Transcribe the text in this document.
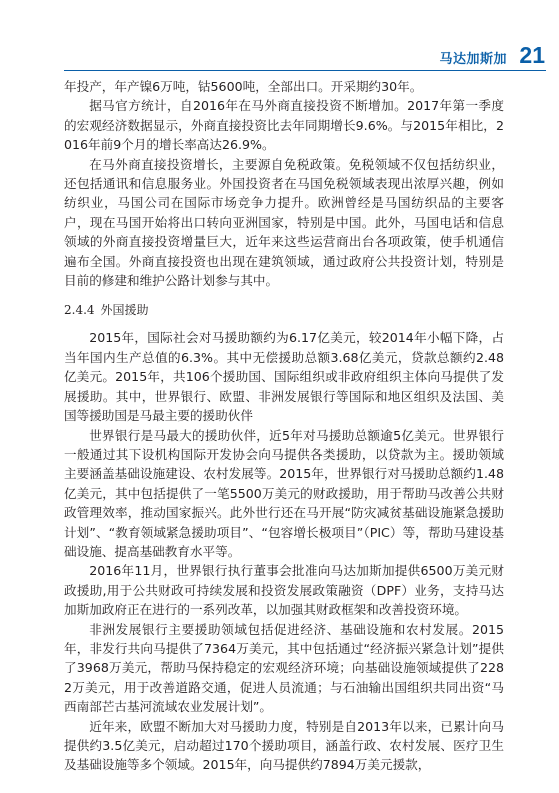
马达加斯加 21

年投产，年产镍6万吨，钴5600吨，全部出口。开采期约30年。

据马官方统计，自2016年在马外商直接投资不断增加。2017年第一季度的宏观经济数据显示，外商直接投资比去年同期增长9.6%。与2015年相比，2016年前9个月的增长率高达26.9%。

在马外商直接投资增长，主要源自免税政策。免税领域不仅包括纺织业，还包括通讯和信息服务业。外国投资者在马国免税领域表现出浓厚兴趣，例如纺织业，马国公司在国际市场竞争力提升。欧洲曾经是马国纺织品的主要客户，现在马国开始将出口转向亚洲国家，特别是中国。此外，马国电话和信息领域的外商直接投资增量巨大，近年来这些运营商出台各项政策，使手机通信遍布全国。外商直接投资也出现在建筑领域，通过政府公共投资计划，特别是目前的修建和维护公路计划参与其中。

2.4.4 外国援助

2015年，国际社会对马援助额约为6.17亿美元，较2014年小幅下降，占当年国内生产总值的6.3%。其中无偿援助总额3.68亿美元，贷款总额约2.48亿美元。2015年，共106个援助国、国际组织或非政府组织主体向马提供了发展援助。其中，世界银行、欧盟、非洲发展银行等国际和地区组织及法国、美国等援助国是马最主要的援助伙伴

世界银行是马最大的援助伙伴，近5年对马援助总额逾5亿美元。世界银行一般通过其下设机构国际开发协会向马提供各类援助，以贷款为主。援助领域主要涵盖基础设施建设、农村发展等。2015年，世界银行对马援助总额约1.48亿美元，其中包括提供了一笔5500万美元的财政援助，用于帮助马改善公共财政管理效率，推动国家振兴。此外世行还在马开展“防灾减贫基础设施紧急援助计划”、“教育领域紧急援助项目”、“包容增长极项目”（PIC）等，帮助马建设基础设施、提高基础教育水平等。

2016年11月，世界银行执行董事会批准向马达加斯加提供6500万美元财政援助,用于公共财政可持续发展和投资发展政策融资（DPF）业务，支持马达加斯加政府正在进行的一系列改革，以加强其财政框架和改善投资环境。

非洲发展银行主要援助领域包括促进经济、基础设施和农村发展。2015年，非发行共向马提供了7364万美元，其中包括通过“经济振兴紧急计划”提供了3968万美元，帮助马保持稳定的宏观经济环境；向基础设施领域提供了2282万美元，用于改善道路交通，促进人员流通；与石油输出国组织共同出资“马西南部芒古基河流域农业发展计划”。

近年来，欧盟不断加大对马援助力度，特别是自2013年以来，已累计向马提供约3.5亿美元，启动超过170个援助项目，涵盖行政、农村发展、医疗卫生及基础设施等多个领域。2015年，向马提供约7894万美元援款，
